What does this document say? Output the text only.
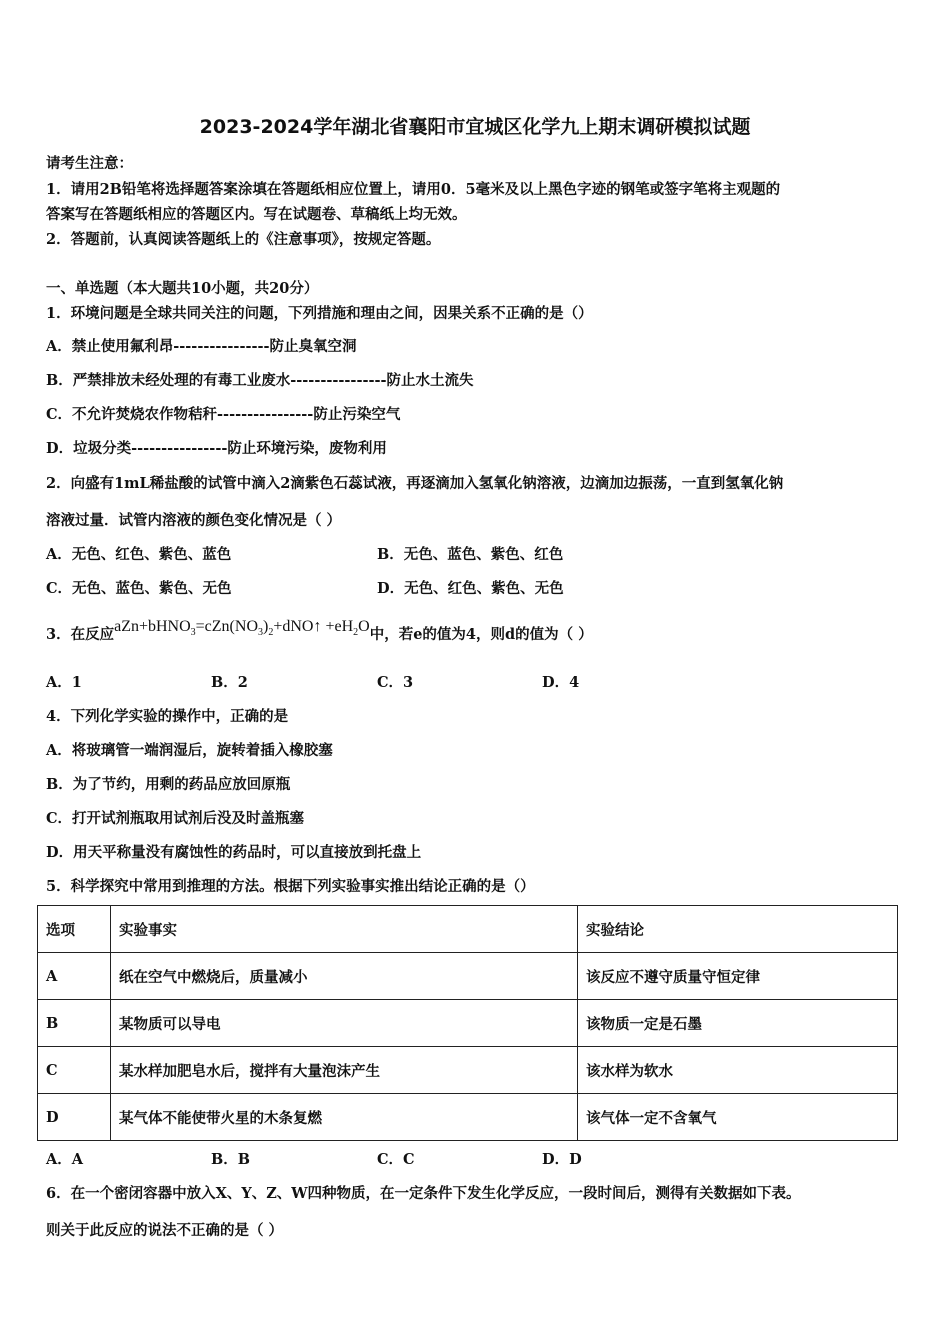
2023-2024学年湖北省襄阳市宜城区化学九上期末调研模拟试题
请考生注意：
1．请用2B铅笔将选择题答案涂填在答题纸相应位置上，请用0．5毫米及以上黑色字迹的钢笔或签字笔将主观题的
答案写在答题纸相应的答题区内。写在试题卷、草稿纸上均无效。
2．答题前，认真阅读答题纸上的《注意事项》，按规定答题。
一、单选题（本大题共10小题，共20分）
1．环境问题是全球共同关注的问题，下列措施和理由之间，因果关系不正确的是（）
A．禁止使用氟利昂----------------防止臭氧空洞
B．严禁排放未经处理的有毒工业废水----------------防止水土流失
C．不允许焚烧农作物秸秆----------------防止污染空气
D．垃圾分类----------------防止环境污染，废物利用
2．向盛有1mL稀盐酸的试管中滴入2滴紫色石蕊试液，再逐滴加入氢氧化钠溶液，边滴加边振荡，一直到氢氧化钠
溶液过量．试管内溶液的颜色变化情况是（ ）
A．无色、红色、紫色、蓝色	B．无色、蓝色、紫色、红色
C．无色、蓝色、紫色、无色	D．无色、红色、紫色、无色
3．在反应$aZn+bHNO_3=cZn(NO_3)_2+dNO↑ +eH_2O$中，若e的值为4，则d的值为（ ）
A．1	B．2	C．3	D．4
4．下列化学实验的操作中，正确的是
A．将玻璃管一端润湿后，旋转着插入橡胶塞
B．为了节约，用剩的药品应放回原瓶
C．打开试剂瓶取用试剂后没及时盖瓶塞
D．用天平称量没有腐蚀性的药品时，可以直接放到托盘上
5．科学探究中常用到推理的方法。根据下列实验事实推出结论正确的是（）
选项	实验事实	实验结论
A	纸在空气中燃烧后，质量减小	该反应不遵守质量守恒定律
B	某物质可以导电	该物质一定是石墨
C	某水样加肥皂水后，搅拌有大量泡沫产生	该水样为软水
D	某气体不能使带火星的木条复燃	该气体一定不含氧气
A．A	B．B	C．C	D．D
6．在一个密闭容器中放入X、Y、Z、W四种物质，在一定条件下发生化学反应，一段时间后，测得有关数据如下表。
则关于此反应的说法不正确的是（ ）
